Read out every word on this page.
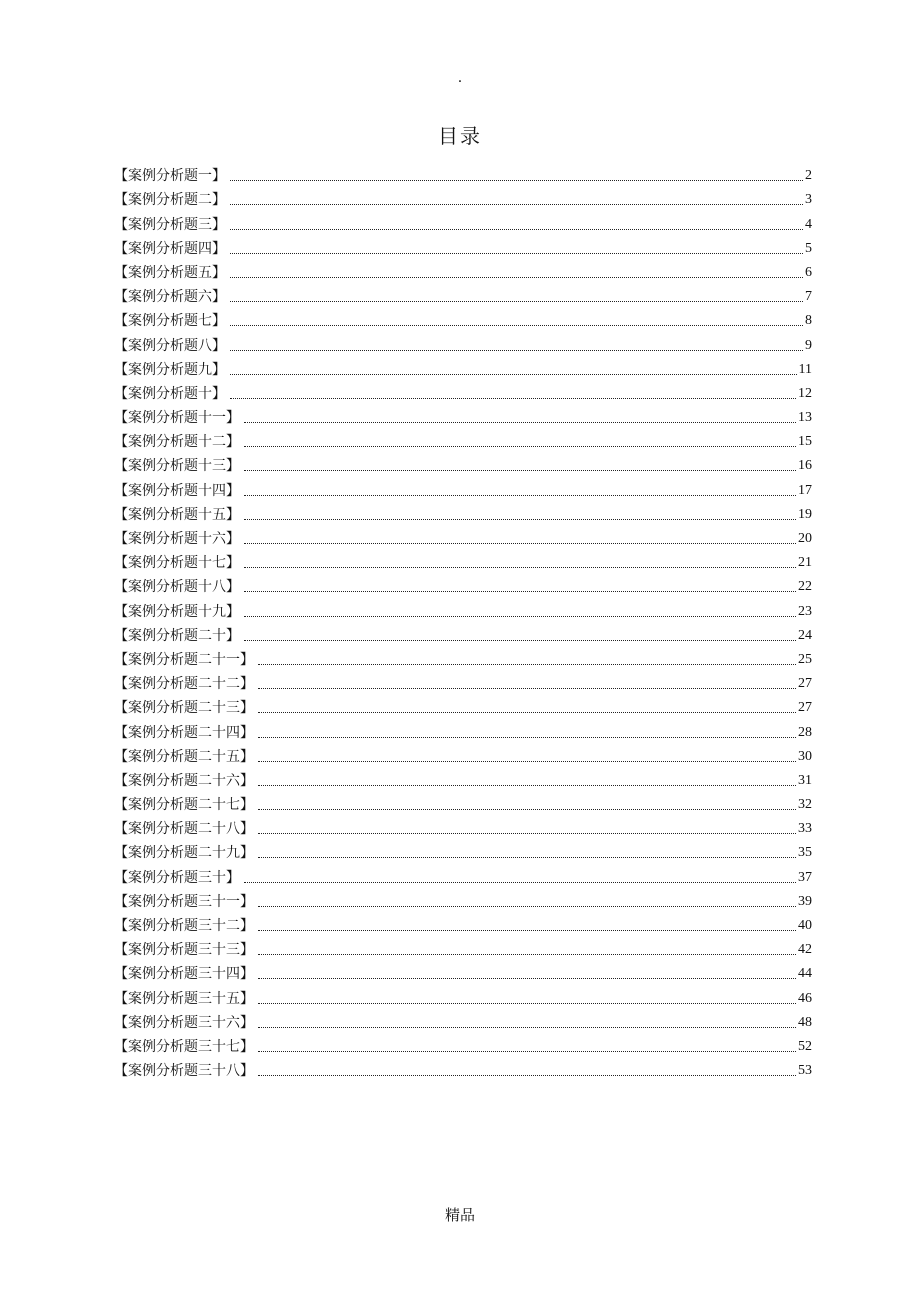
.
目录
【案例分析题一】	2
【案例分析题二】	3
【案例分析题三】	4
【案例分析题四】	5
【案例分析题五】	6
【案例分析题六】	7
【案例分析题七】	8
【案例分析题八】	9
【案例分析题九】	11
【案例分析题十】	12
【案例分析题十一】	13
【案例分析题十二】	15
【案例分析题十三】	16
【案例分析题十四】	17
【案例分析题十五】	19
【案例分析题十六】	20
【案例分析题十七】	21
【案例分析题十八】	22
【案例分析题十九】	23
【案例分析题二十】	24
【案例分析题二十一】	25
【案例分析题二十二】	27
【案例分析题二十三】	27
【案例分析题二十四】	28
【案例分析题二十五】	30
【案例分析题二十六】	31
【案例分析题二十七】	32
【案例分析题二十八】	33
【案例分析题二十九】	35
【案例分析题三十】	37
【案例分析题三十一】	39
【案例分析题三十二】	40
【案例分析题三十三】	42
【案例分析题三十四】	44
【案例分析题三十五】	46
【案例分析题三十六】	48
【案例分析题三十七】	52
【案例分析题三十八】	53
精品
